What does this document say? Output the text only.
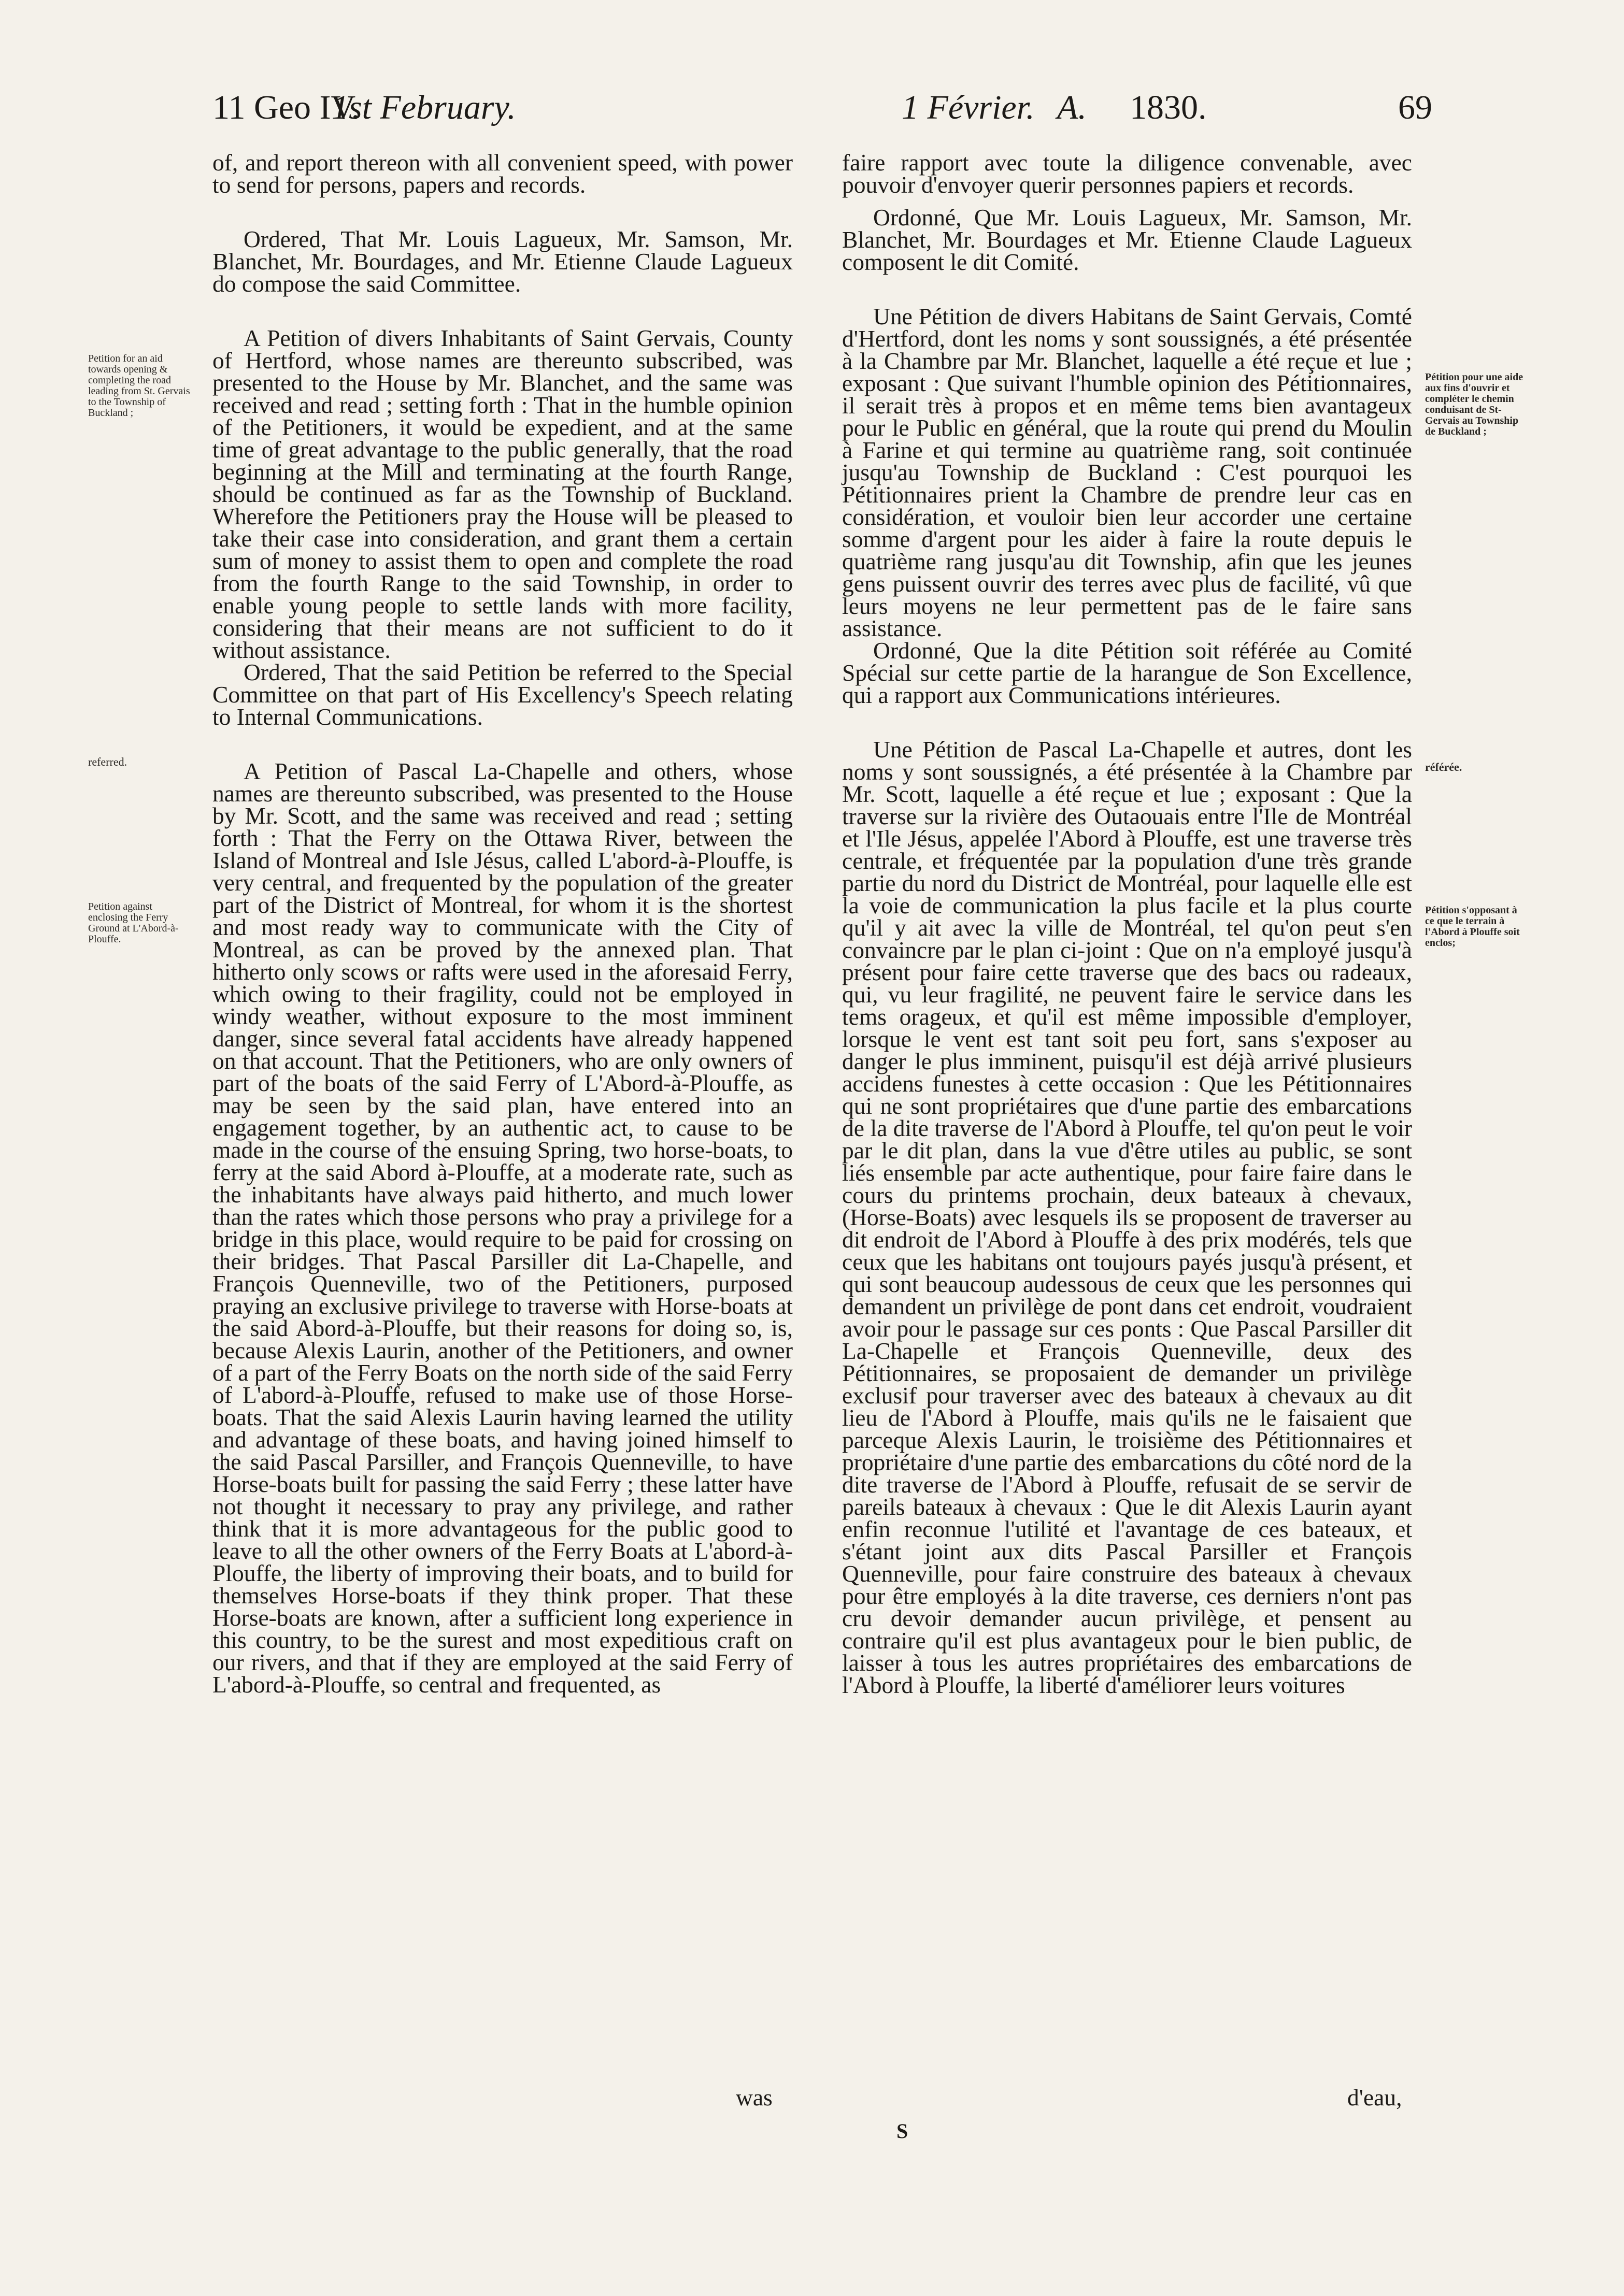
11 Geo IV.
1st February.	1 Février. A. 1830.	69

of, and report thereon with all convenient speed, with power to send for persons, papers and records.

Ordered, That Mr. Louis Lagueux, Mr. Samson, Mr. Blanchet, Mr. Bourdages, and Mr. Etienne Claude Lagueux do compose the said Committee.

A Petition of divers Inhabitants of Saint Gervais, County of Hertford, whose names are thereunto subscribed, was presented to the House by Mr. Blanchet, and the same was received and read ; setting forth : That in the humble opinion of the Petitioners, it would be expedient, and at the same time of great advantage to the public generally, that the road beginning at the Mill and terminating at the fourth Range, should be continued as far as the Township of Buckland. Wherefore the Petitioners pray the House will be pleased to take their case into consideration, and grant them a certain sum of money to assist them to open and complete the road from the fourth Range to the said Township, in order to enable young people to settle lands with more facility, considering that their means are not sufficient to do it without assistance.

Ordered, That the said Petition be referred to the Special Committee on that part of His Excellency's Speech relating to Internal Communications.

A Petition of Pascal La-Chapelle and others, whose names are thereunto subscribed, was presented to the House by Mr. Scott, and the same was received and read ; setting forth : That the Ferry on the Ottawa River, between the Island of Montreal and Isle Jésus, called L'abord-à-Plouffe, is very central, and frequented by the population of the greater part of the District of Montreal, for whom it is the shortest and most ready way to communicate with the City of Montreal, as can be proved by the annexed plan. That hitherto only scows or rafts were used in the aforesaid Ferry, which owing to their fragility, could not be employed in windy weather, without exposure to the most imminent danger, since several fatal accidents have already happened on that account. That the Petitioners, who are only owners of part of the boats of the said Ferry of L'Abord-à-Plouffe, as may be seen by the said plan, have entered into an engagement together, by an authentic act, to cause to be made in the course of the ensuing Spring, two horse-boats, to ferry at the said Abord à-Plouffe, at a moderate rate, such as the inhabitants have always paid hitherto, and much lower than the rates which those persons who pray a privilege for a bridge in this place, would require to be paid for crossing on their bridges. That Pascal Parsiller dit La-Chapelle, and François Quenneville, two of the Petitioners, purposed praying an exclusive privilege to traverse with Horse-boats at the said Abord-à-Plouffe, but their reasons for doing so, is, because Alexis Laurin, another of the Petitioners, and owner of a part of the Ferry Boats on the north side of the said Ferry of L'abord-à-Plouffe, refused to make use of those Horse-boats. That the said Alexis Laurin having learned the utility and advantage of these boats, and having joined himself to the said Pascal Parsiller, and François Quenneville, to have Horse-boats built for passing the said Ferry ; these latter have not thought it necessary to pray any privilege, and rather think that it is more advantageous for the public good to leave to all the other owners of the Ferry Boats at L'abord-à-Plouffe, the liberty of improving their boats, and to build for themselves Horse-boats if they think proper. That these Horse-boats are known, after a sufficient long experience in this country, to be the surest and most expeditious craft on our rivers, and that if they are employed at the said Ferry of L'abord-à-Plouffe, so central and frequented, as

faire rapport avec toute la diligence convenable, avec pouvoir d'envoyer querir personnes papiers et records.

Ordonné, Que Mr. Louis Lagueux, Mr. Samson, Mr. Blanchet, Mr. Bourdages et Mr. Etienne Claude Lagueux composent le dit Comité.

Une Pétition de divers Habitans de Saint Gervais, Comté d'Hertford, dont les noms y sont soussignés, a été présentée à la Chambre par Mr. Blanchet, laquelle a été reçue et lue ; exposant : Que suivant l'humble opinion des Pétitionnaires, il serait très à propos et en même tems bien avantageux pour le Public en général, que la route qui prend du Moulin à Farine et qui termine au quatrième rang, soit continuée jusqu'au Township de Buckland : C'est pourquoi les Pétitionnaires prient la Chambre de prendre leur cas en considération, et vouloir bien leur accorder une certaine somme d'argent pour les aider à faire la route depuis le quatrième rang jusqu'au dit Township, afin que les jeunes gens puissent ouvrir des terres avec plus de facilité, vû que leurs moyens ne leur permettent pas de le faire sans assistance.

Ordonné, Que la dite Pétition soit référée au Comité Spécial sur cette partie de la harangue de Son Excellence, qui a rapport aux Communications intérieures.

Une Pétition de Pascal La-Chapelle et autres, dont les noms y sont soussignés, a été présentée à la Chambre par Mr. Scott, laquelle a été reçue et lue ; exposant : Que la traverse sur la rivière des Outaouais entre l'Ile de Montréal et l'Ile Jésus, appelée l'Abord à Plouffe, est une traverse très centrale, et fréquentée par la population d'une très grande partie du nord du District de Montréal, pour laquelle elle est la voie de communication la plus facile et la plus courte qu'il y ait avec la ville de Montréal, tel qu'on peut s'en convaincre par le plan ci-joint : Que on n'a employé jusqu'à présent pour faire cette traverse que des bacs ou radeaux, qui, vu leur fragilité, ne peuvent faire le service dans les tems orageux, et qu'il est même impossible d'employer, lorsque le vent est tant soit peu fort, sans s'exposer au danger le plus imminent, puisqu'il est déjà arrivé plusieurs accidens funestes à cette occasion : Que les Pétitionnaires qui ne sont propriétaires que d'une partie des embarcations de la dite traverse de l'Abord à Plouffe, tel qu'on peut le voir par le dit plan, dans la vue d'être utiles au public, se sont liés ensemble par acte authentique, pour faire faire dans le cours du printems prochain, deux bateaux à chevaux, (Horse-Boats) avec lesquels ils se proposent de traverser au dit endroit de l'Abord à Plouffe à des prix modérés, tels que ceux que les habitans ont toujours payés jusqu'à présent, et qui sont beaucoup audessous de ceux que les personnes qui demandent un privilège de pont dans cet endroit, voudraient avoir pour le passage sur ces ponts : Que Pascal Parsiller dit La-Chapelle et François Quenneville, deux des Pétitionnaires, se proposaient de demander un privilège exclusif pour traverser avec des bateaux à chevaux au dit lieu de l'Abord à Plouffe, mais qu'ils ne le faisaient que parceque Alexis Laurin, le troisième des Pétitionnaires et propriétaire d'une partie des embarcations du côté nord de la dite traverse de l'Abord à Plouffe, refusait de se servir de pareils bateaux à chevaux : Que le dit Alexis Laurin ayant enfin reconnue l'utilité et l'avantage de ces bateaux, et s'étant joint aux dits Pascal Parsiller et François Quenneville, pour faire construire des bateaux à chevaux pour être employés à la dite traverse, ces derniers n'ont pas cru devoir demander aucun privilège, et pensent au contraire qu'il est plus avantageux pour le bien public, de laisser à tous les autres propriétaires des embarcations de l'Abord à Plouffe, la liberté d'améliorer leurs voitures

Petition for an aid towards opening & completing the road leading from St. Gervais to the Township of Buckland ;
referred.
Petition against enclosing the Ferry Ground at L'Abord-à-Plouffe.
Pétition pour une aide aux fins d'ouvrir et compléter le chemin conduisant de St-Gervais au Township de Buckland ;
référée.
Pétition s'opposant à ce que le terrain à l'Abord à Plouffe soit enclos;
was	d'eau,
S
